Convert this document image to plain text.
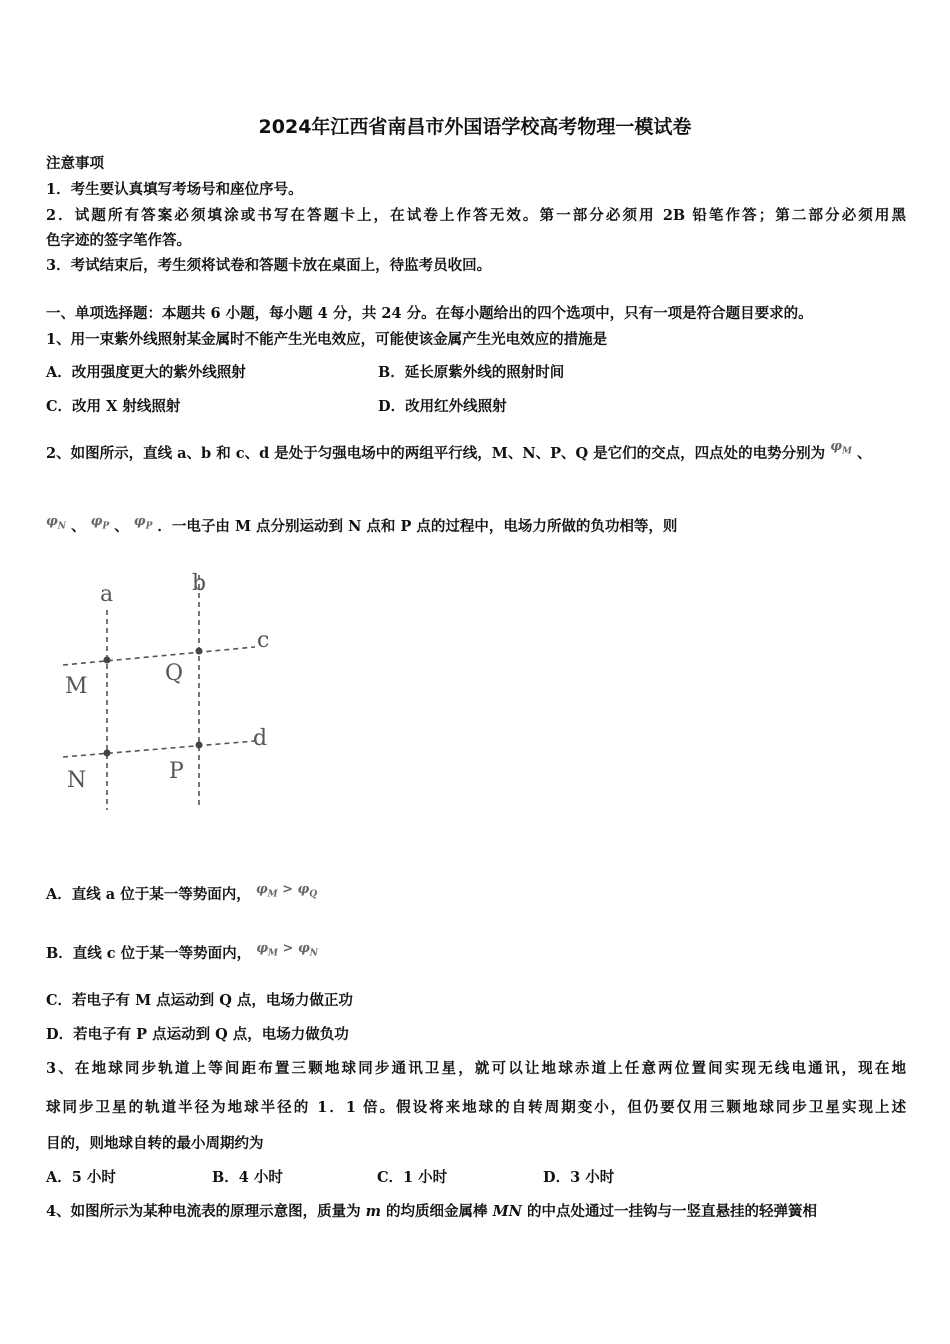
2024年江西省南昌市外国语学校高考物理一模试卷
注意事项
1．考生要认真填写考场号和座位序号。
2．试题所有答案必须填涂或书写在答题卡上，在试卷上作答无效。第一部分必须用 2B 铅笔作答；第二部分必须用黑
色字迹的签字笔作答。
3．考试结束后，考生须将试卷和答题卡放在桌面上，待监考员收回。
一、单项选择题：本题共 6 小题，每小题 4 分，共 24 分。在每小题给出的四个选项中，只有一项是符合题目要求的。
1、用一束紫外线照射某金属时不能产生光电效应，可能使该金属产生光电效应的措施是
A．改用强度更大的紫外线照射	B．延长原紫外线的照射时间
C．改用 X 射线照射	D．改用红外线照射
2、如图所示，直线 a、b 和 c、d 是处于匀强电场中的两组平行线，M、N、P、Q 是它们的交点，四点处的电势分别为 $\varphi_M$ 、
$\varphi_N$ 、 $\varphi_P$ 、 $\varphi_P$ ．一电子由 M 点分别运动到 N 点和 P 点的过程中，电场力所做的负功相等，则
a	b
c
d
M
Q
N	P
A．直线 a 位于某一等势面内， $\varphi_M > \varphi_Q$
B．直线 c 位于某一等势面内， $\varphi_M > \varphi_N$
C．若电子有 M 点运动到 Q 点，电场力做正功
D．若电子有 P 点运动到 Q 点，电场力做负功
3、在地球同步轨道上等间距布置三颗地球同步通讯卫星，就可以让地球赤道上任意两位置间实现无线电通讯，现在地
球同步卫星的轨道半径为地球半径的 1．1 倍。假设将来地球的自转周期变小，但仍要仅用三颗地球同步卫星实现上述
目的，则地球自转的最小周期约为
A．5 小时	B．4 小时	C．1 小时	D．3 小时
4、如图所示为某种电流表的原理示意图，质量为 m 的均质细金属棒 MN 的中点处通过一挂钩与一竖直悬挂的轻弹簧相
